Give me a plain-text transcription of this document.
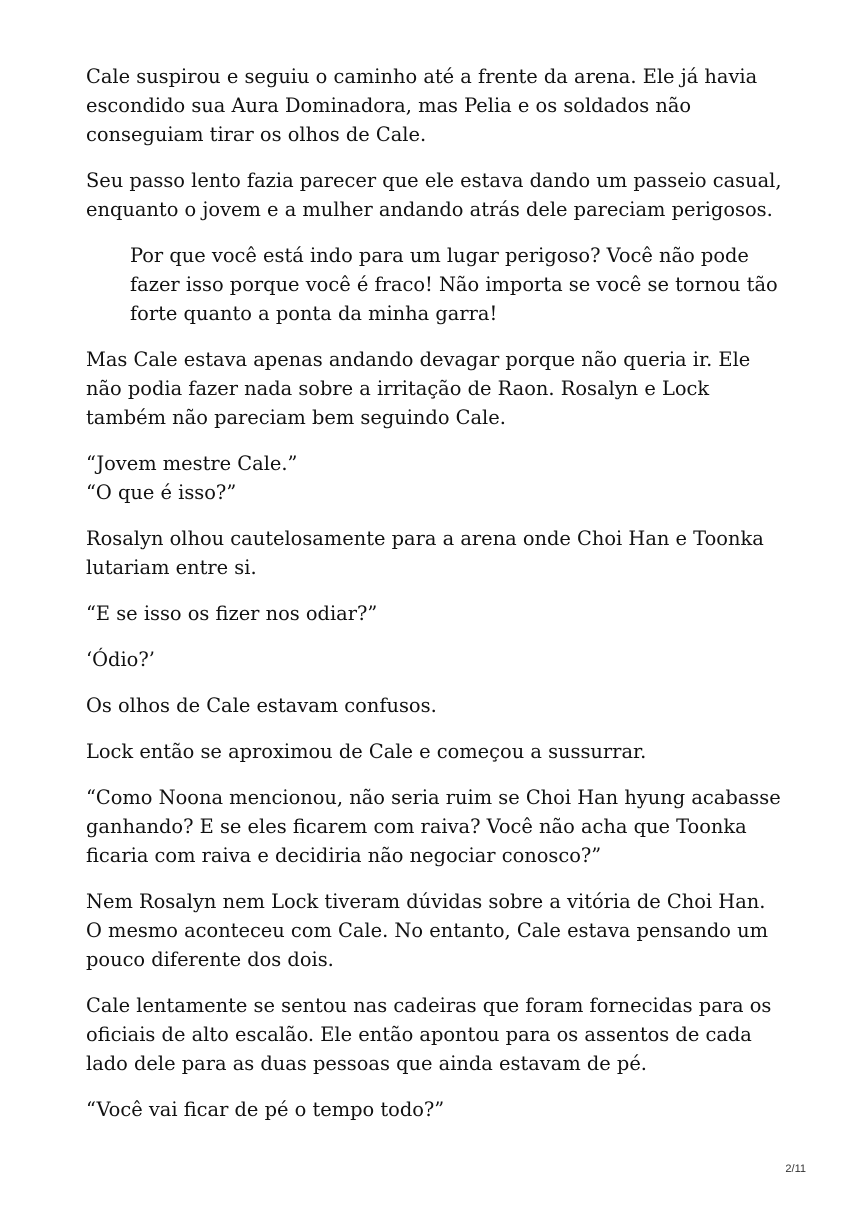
Cale suspirou e seguiu o caminho até a frente da arena. Ele já havia escondido sua Aura Dominadora, mas Pelia e os soldados não conseguiam tirar os olhos de Cale.

Seu passo lento fazia parecer que ele estava dando um passeio casual, enquanto o jovem e a mulher andando atrás dele pareciam perigosos.

Por que você está indo para um lugar perigoso? Você não pode fazer isso porque você é fraco! Não importa se você se tornou tão forte quanto a ponta da minha garra!

Mas Cale estava apenas andando devagar porque não queria ir. Ele não podia fazer nada sobre a irritação de Raon. Rosalyn e Lock também não pareciam bem seguindo Cale.

“Jovem mestre Cale.”
“O que é isso?”

Rosalyn olhou cautelosamente para a arena onde Choi Han e Toonka lutariam entre si.

“E se isso os fizer nos odiar?”

‘Ódio?’

Os olhos de Cale estavam confusos.

Lock então se aproximou de Cale e começou a sussurrar.

“Como Noona mencionou, não seria ruim se Choi Han hyung acabasse ganhando? E se eles ficarem com raiva? Você não acha que Toonka ficaria com raiva e decidiria não negociar conosco?”

Nem Rosalyn nem Lock tiveram dúvidas sobre a vitória de Choi Han. O mesmo aconteceu com Cale. No entanto, Cale estava pensando um pouco diferente dos dois.

Cale lentamente se sentou nas cadeiras que foram fornecidas para os oficiais de alto escalão. Ele então apontou para os assentos de cada lado dele para as duas pessoas que ainda estavam de pé.

“Você vai ficar de pé o tempo todo?”

2/11
